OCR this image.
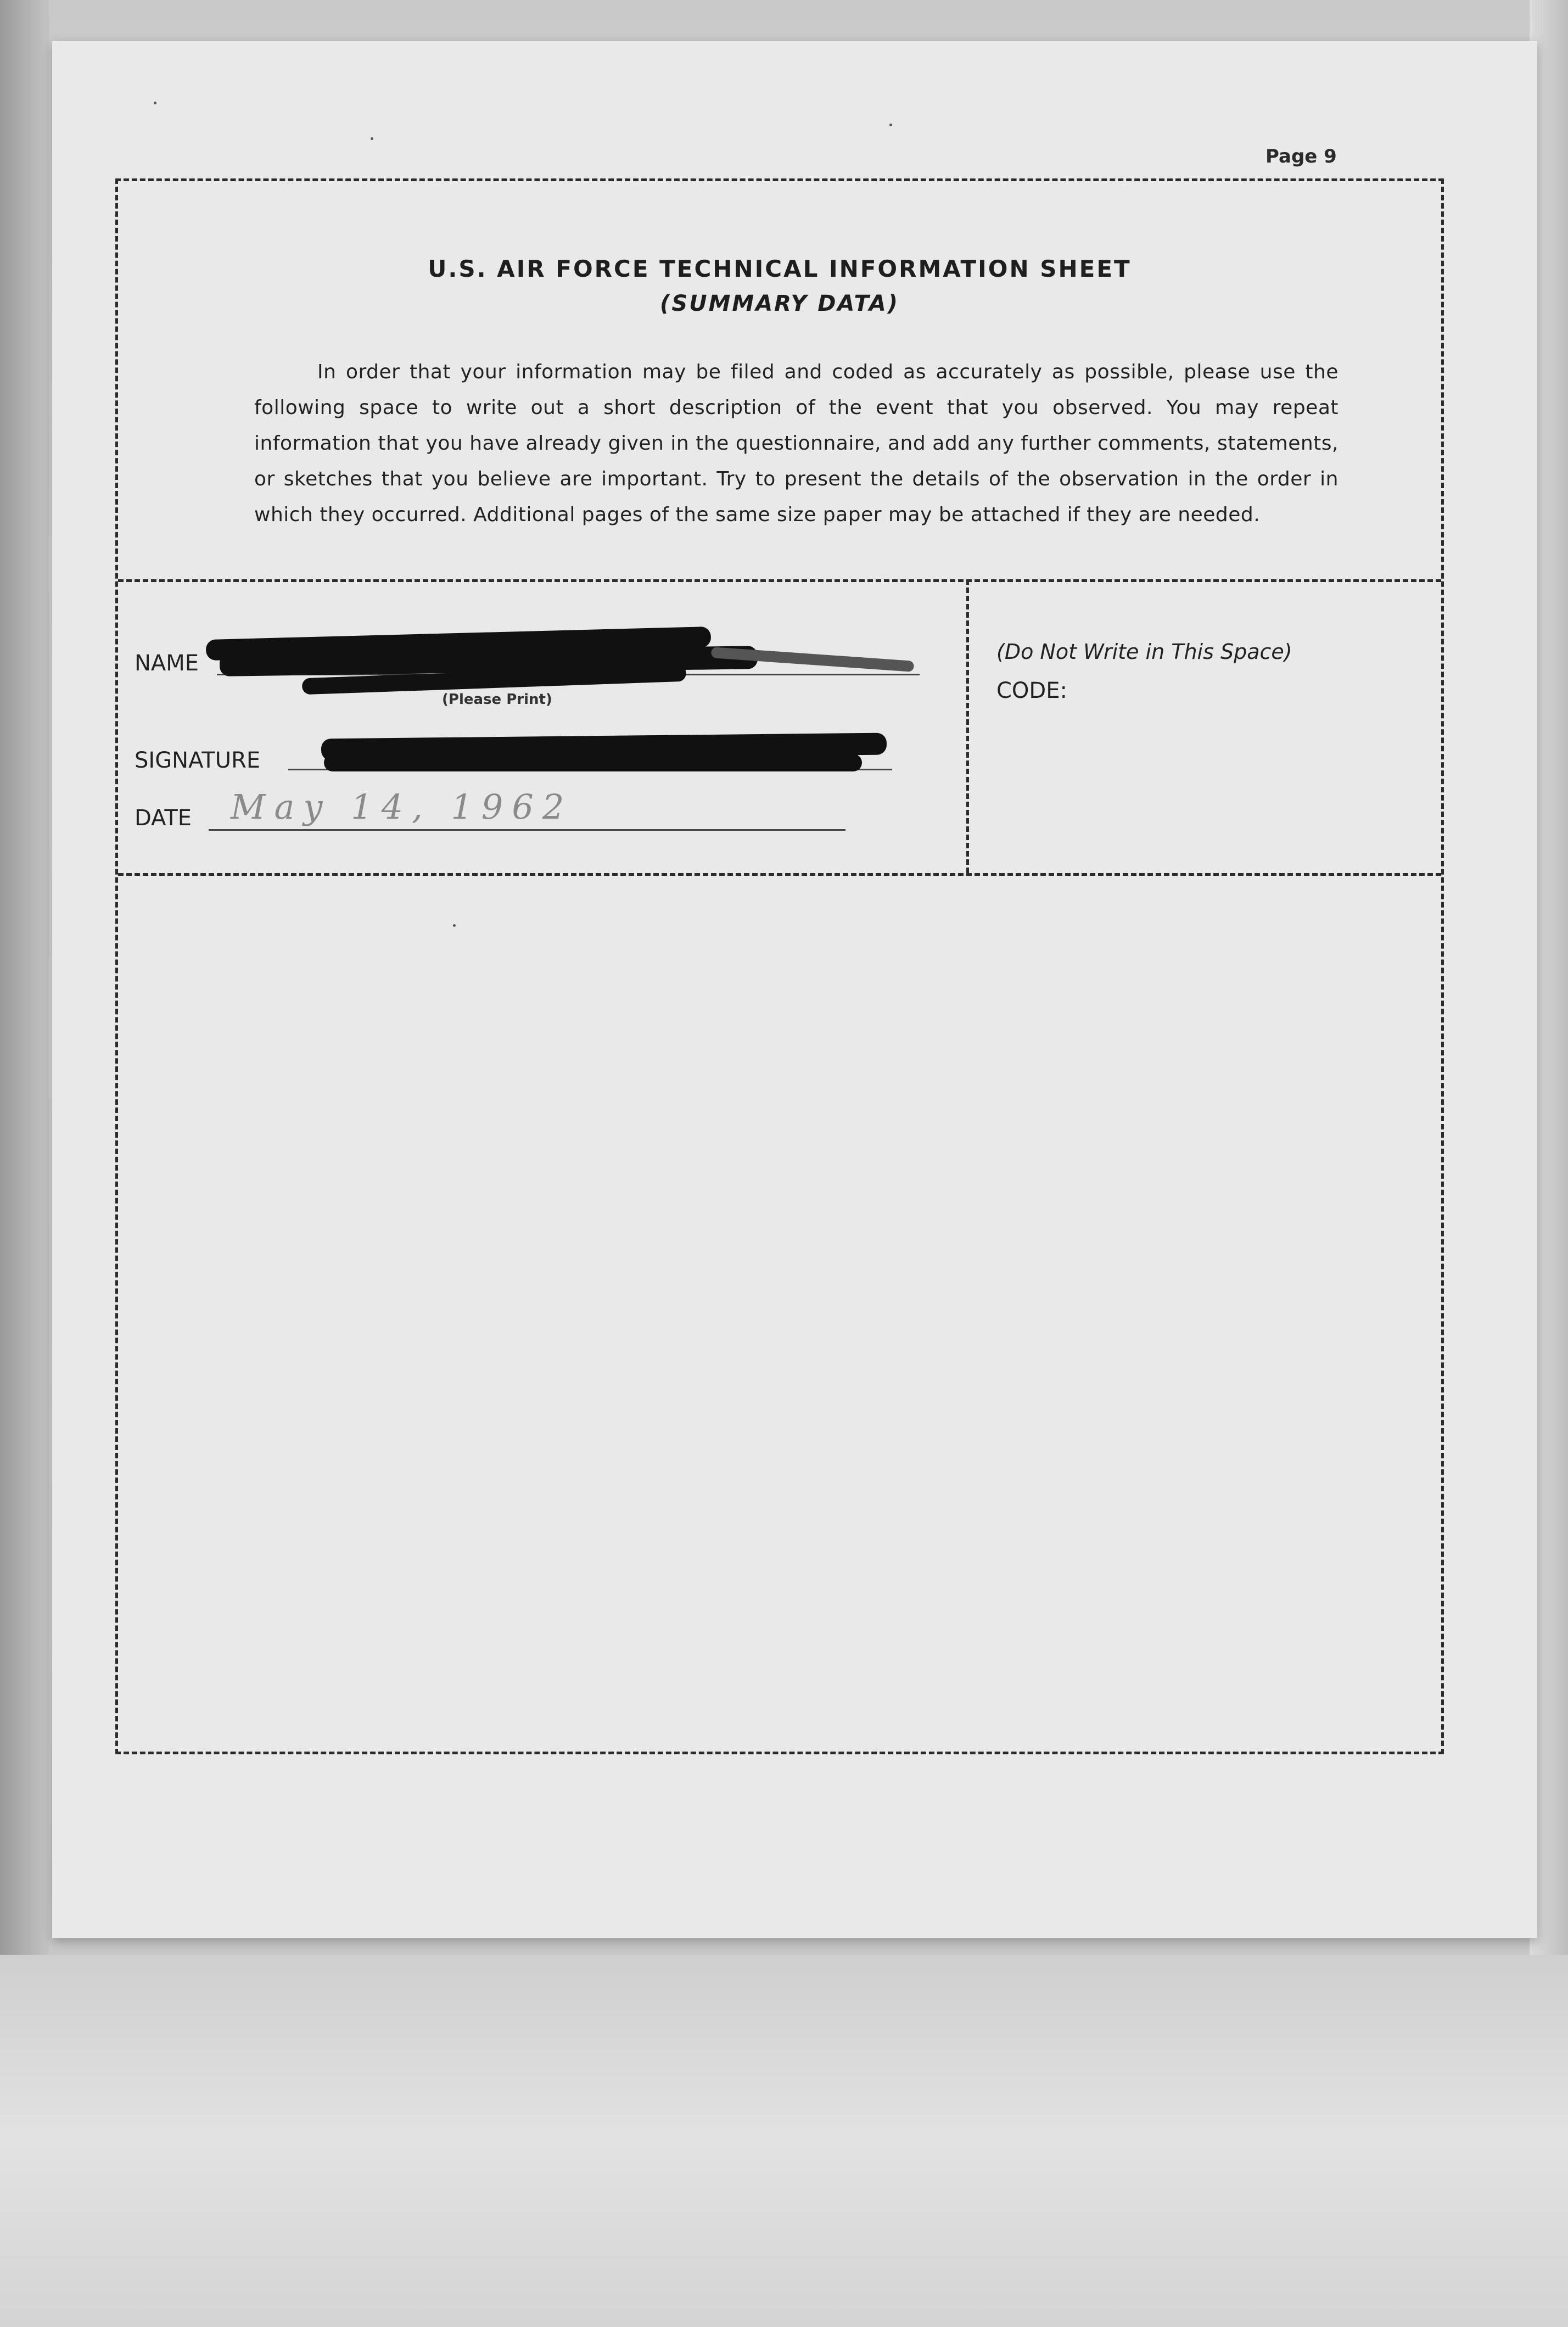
Page 9
U.S. AIR FORCE TECHNICAL INFORMATION SHEET
(SUMMARY DATA)
In order that your information may be filed and coded as accurately as possible, please use the following space to write out a short description of the event that you observed. You may repeat information that you have already given in the questionnaire, and add any further comments, statements, or sketches that you believe are important. Try to present the details of the observation in the order in which they occurred. Additional pages of the same size paper may be attached if they are needed.
NAME
(Please Print)
SIGNATURE
DATE May 14, 1962
(Do Not Write in This Space)
CODE:
